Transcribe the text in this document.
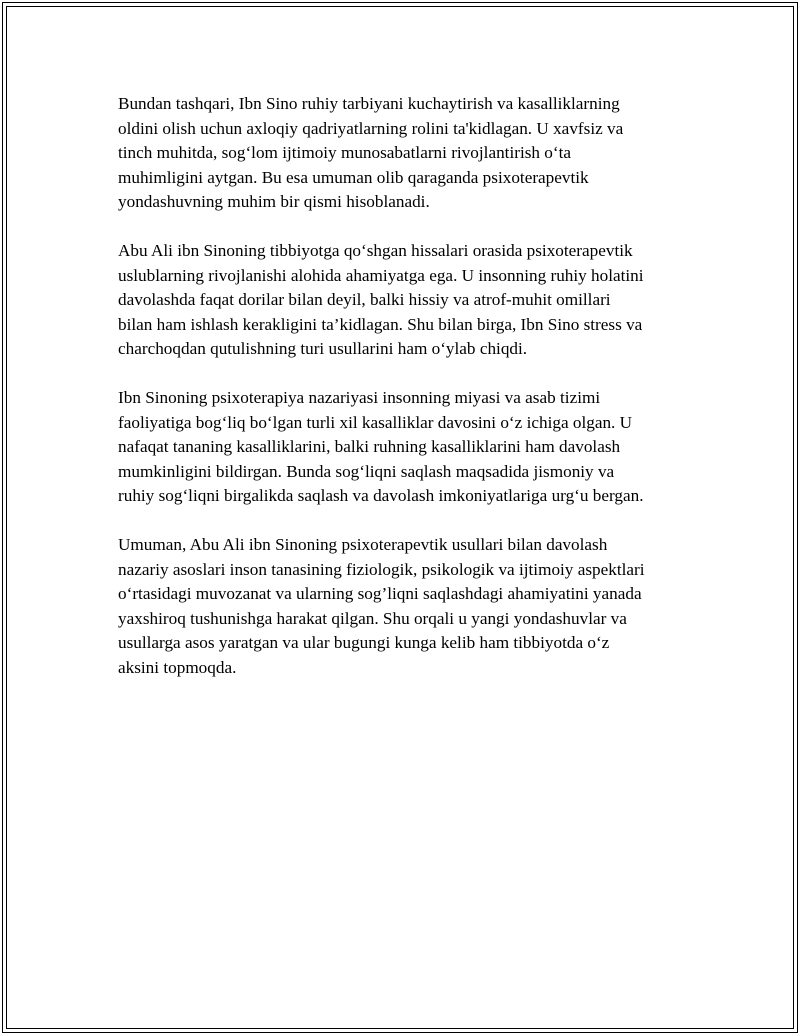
Bundan tashqari, Ibn Sino ruhiy tarbiyani kuchaytirish va kasalliklarning
oldini olish uchun axloqiy qadriyatlarning rolini ta'kidlagan. U xavfsiz va
tinch muhitda, sog‘lom ijtimoiy munosabatlarni rivojlantirish o‘ta
muhimligini aytgan. Bu esa umuman olib qaraganda psixoterapevtik
yondashuvning muhim bir qismi hisoblanadi.

Abu Ali ibn Sinoning tibbiyotga qo‘shgan hissalari orasida psixoterapevtik
uslublarning rivojlanishi alohida ahamiyatga ega. U insonning ruhiy holatini
davolashda faqat dorilar bilan deyil, balki hissiy va atrof-muhit omillari
bilan ham ishlash kerakligini ta’kidlagan. Shu bilan birga, Ibn Sino stress va
charchoqdan qutulishning turi usullarini ham o‘ylab chiqdi.

Ibn Sinoning psixoterapiya nazariyasi insonning miyasi va asab tizimi
faoliyatiga bog‘liq bo‘lgan turli xil kasalliklar davosini o‘z ichiga olgan. U
nafaqat tananing kasalliklarini, balki ruhning kasalliklarini ham davolash
mumkinligini bildirgan. Bunda sog‘liqni saqlash maqsadida jismoniy va
ruhiy sog‘liqni birgalikda saqlash va davolash imkoniyatlariga urg‘u bergan.

Umuman, Abu Ali ibn Sinoning psixoterapevtik usullari bilan davolash
nazariy asoslari inson tanasining fiziologik, psikologik va ijtimoiy aspektlari
o‘rtasidagi muvozanat va ularning sog’liqni saqlashdagi ahamiyatini yanada
yaxshiroq tushunishga harakat qilgan. Shu orqali u yangi yondashuvlar va
usullarga asos yaratgan va ular bugungi kunga kelib ham tibbiyotda o‘z
aksini topmoqda.
